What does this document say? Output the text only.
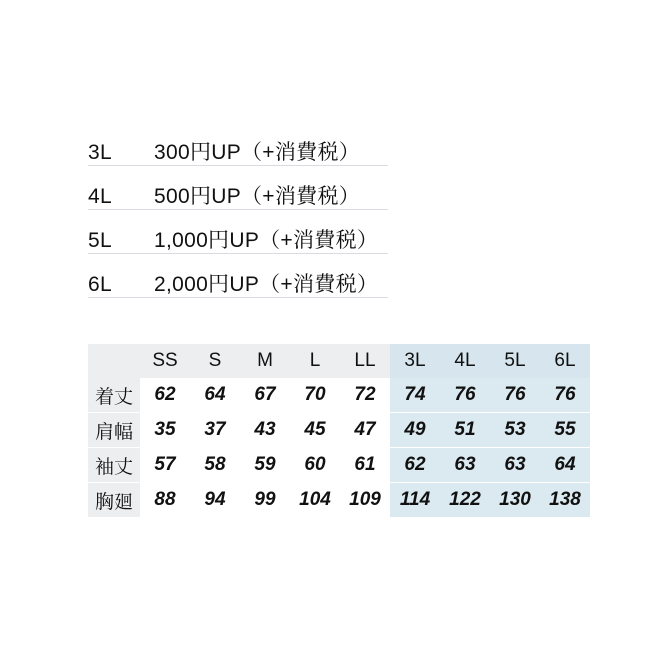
3L	300円UP（+消費税）
4L	500円UP（+消費税）
5L	1,000円UP（+消費税）
6L	2,000円UP（+消費税）
	SS	S	M	L	LL	3L	4L	5L	6L
着丈	62	64	67	70	72	74	76	76	76
肩幅	35	37	43	45	47	49	51	53	55
袖丈	57	58	59	60	61	62	63	63	64
胸廻	88	94	99	104	109	114	122	130	138
